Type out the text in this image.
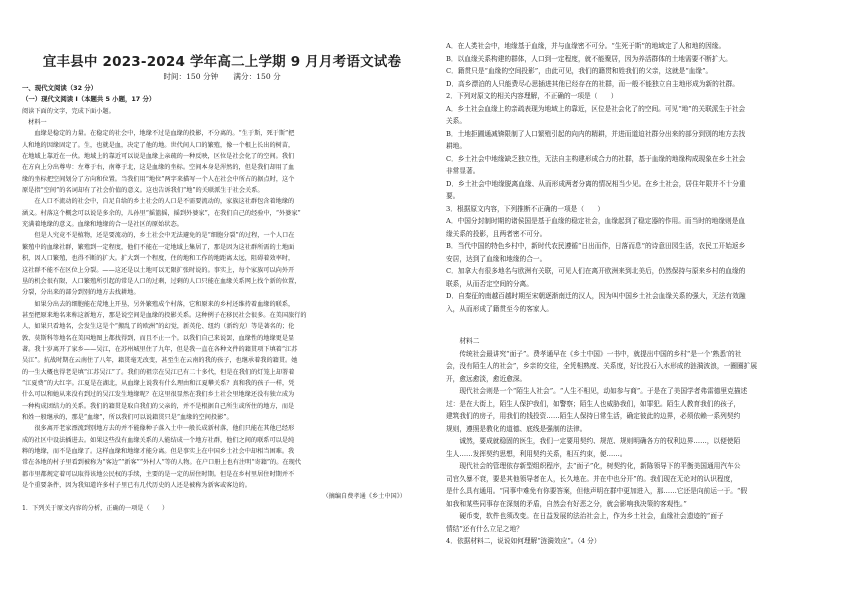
宜丰县中 2023-2024 学年高二上学期 9 月月考语文试卷
时间：150 分钟　　满分：150 分
一、现代文阅读（32 分）
（一）现代文阅读 I（本题共 5 小题，17 分）
阅读下面的文字，完成下面小题。
　材料一
　　血缘是稳定的力量。在稳定的社会中，地缘不过是血缘的投影，不分离的。“生于斯，死于斯”把
人和地的因缘固定了。生，也就是血，决定了他的地。世代间人口的繁殖，像一个根上长出的树苗，
在地域上靠近在一伙。地域上的靠近可以说是血缘上亲疏的一种反映，区位是社会化了的空间。我们
在方向上分出尊卑：左尊于右，南尊于北，这是血缘的坐标。空间本身是浑然的，但是我们却用了血
缘的坐标把空间划分了方向和位置。当我们用“地位”两字来描写一个人在社会中所占的据点时，这个
原是指“空间”的名词却有了社会价值的意义。这也告诉我们“地”的关联派生于社会关系。
　　在人口不流动的社会中，自足自给的乡土社会的人口是不需要流动的，家族这社群包含着地缘的
涵义。村落这个概念可以说是多余的，儿孙里“摇篮摇，摇到外婆家”，在我们自己的经验中，“外婆家”
充满着地缘的意义。血缘和地缘的合一是社区的原始状态。
　　但是人究竟不是植物，还是要流动的，乡土社会中无法避免的是“细胞分裂”的过程，一个人口在
繁殖中的血缘社群，繁殖到一定程度，他们不能在一定地域上集居了，那是因为这社群所需的土地面
积，因人口繁殖，也得不断的扩大。扩大到一个程度，住的地和工作的地距离太远，阻碍着效率时，
这社群不能不在区位上分裂。——这还是以土地可以无限扩张时说的。事实上，每个家族可以向外开
垦的机会很有限，人口繁殖所引起的常是人口的过剩，过剩的人口只能在血缘关系网上找个新的位置，
分裂，分出来的部分到别的地方去找耕地。
　　如果分出去的细胞能在荒地上开垦，另外繁殖成个村落，它和原来的乡村还维持着血缘的联系，
甚至把原来地名来称这新地方，那是说空间是血缘的投影关系。这种例子在移民社会很多。在美国旅行的
人，如果只看地名，会发生这是个“搬乱了的欧洲”的幻觉，新英伦、纽约（新约克）等是著名的；伦
敦、莫斯科等地名在美国地图上都找得到，而且不止一个。以我们自己来说罢，血缘性的地缘更是显
著。我十岁离开了家乡——吴江，在苏州城里住了九年，但是我一直在各种文件的籍贯项下填着“江苏
吴江”。抗战时期在云南住了八年，籍贯毫无改变，甚至生在云南的我的孩子，也继承着我的籍贯。她
的一生大概也得老是填“江苏吴江”了。我们的祖宗在吴江已有二十多代，但是在我们的灯笼上却署着
“江夏费”的大红字。江夏是在湖北，从血缘上说我有什么理由和江夏攀关系？真和我的孩子一样，凭
什么可以和她从来没有到过的吴江发生地缘呢？在这里很显然在我们乡土社会里地缘还没有独立成为
一种构成团结力的关系。我们的籍贯是取自我们的父亲的，并不是根据自己所生或所住的地方，而是
和姓一般继承的，那是“血缘”，所以我们可以说籍贯只是“血缘的空间投影”。
　　很多离开老家漂流到别地方去的并不能像种子落入土中一般长成新村落，他们只能在其他已经形
成的社区中设法插进去。如果这些没有血缘关系的人能结成一个地方社群，他们之间的联系可以是纯
粹的地缘，而不是血缘了。这样血缘和地缘才能分离。但是事实上在中国乡土社会中却相当困难。我
常在各地的村子里看到被称为“客边”“新客”“外村人”等的人物。在户口册上也有注明“寄籍”的。在现代
都市里都规定着可以取得该地公民权的手续，主要的是一定的居住时期。但是在乡村里居住时期并不
是个重要条件，因为我知道许多村子里已有几代历史的人还是被称为新客或客边的。
（摘编自费孝通《乡土中国》）
1．下列关于原文内容的分析，正确的一项是（　　）
A．在人类社会中，地缘基于血缘，并与血缘密不可分。“生死于斯”的地域定了人和地的因缘。
B．以血缘关系构建的群体，人口到一定程度，就不能聚居，因为养活群体的土地需要不断扩大。
C．籍贯只是“血缘的空间投影”，由此可见，我们的籍贯和姓我们的父亲，这就是“血缘”。
D．高乡漂泊的人只能费尽心思插进其他已经存在的社群，而一般不能独立自主地形成为新的社群。
2．下列对原文的相关内容理解，不正确的一项是（　　）
A．乡土社会血缘上的亲疏表现为地域上的靠近，区位是社会化了的空间。可见“地”的关联派生于社会
关系。
B．土地拒圃通减锛限制了人口繁殖引起的向内的精耕，并进而道迫社群分出来的部分到别的地方去找
耕地。
C．乡土社会中地缘缺乏独立性，无法自主构建形成合力的社群，基于血缘的地缘构成现象在乡土社会
非常显著。
D．乡土社会中地缘脱离血缘、从而形成两者分离的情况相当少见。在乡土社会，居住年限并不十分重
要。
3．根据原文内容，下列推断不正确的一项是（　　）
A．中国分封制时期的诸侯国是基于血缘的稳定社会，血缘起到了稳定器的作用。而当时的地缘则是血
缘关系的投影，且两者密不可分。
B．当代中国的特色乡村中，新时代农民遵循“日出而作，日落而息”的诗意田园生活，农民工开始返乡
安居，达到了血缘和地缘的合一。
C．加拿大有很多地名与欧洲有关联，可见人们在离开欧洲来到北美后，仍然保持与原来乡村的血缘的
联系，从而否定空间的分离。
D．自秦征的南越百越时期至宋朝逐渐南迁的汉人，因为叫中国乡土社会血缘关系的强大，无法有效融
入，从而形成了籍贯至今的客家人。
　　材料二
　　传统社会最讲究“面子”。费孝通早在《乡土中国》一书中，就提出中国的乡村“是一个‘熟悉’的社
会，没有陌生人的社会”，乡亲的交往，全凭相熟度、关系度，好比投石入水形成的涟漪波浪，一圈圈扩展
开，愈远愈淡，愈近愈深。
　　现代社会则是一个“陌生人社会”。“人生不相见，动如参与商”。于是在了美国学者弗雷德里克描述
过：是在大街上，陌生人保护我们，如警察；陌生人也威胁我们，如罪犯。陌生人教育我们的孩子，
建筑我们的房子，用我们的钱投资……陌生人保持日常生活，确定彼此的边界，必须依赖一系列契约
规则，遵照是教化的道德、底线是强制的法律。
　　诚然，要成就稳固的医生，我们一定要用契约、规范、规则明确各方的权利边界……，以便使陌
生人……发挥契约思想，利用契约关系，相互约束，便……。
　　现代社会的管理依存新型组织程序，去“面子”化，树契约化，新陈领导下的平衡美国通用汽车公
司官久暴不衰，要是其他领导者在人，长久地在。并在中也分开”的。我们现在无论对的认识程度，
是什么具有通用。“同事中难免有你要答案，但他声明在群中更加进入，那……它还是向前运一于。“假
如我和某些同事存在深刻的矛盾，自然会有好恶之分，就会影响我决策的客观性。”
　　硬币变，软件也须改变。在日益发展的法治社会上，作为乡土社会，血缘社会遗迹的“面子
情结”还有什么立足之地？
4．依据材料二，说说如何理解“涟漪效应”。（4 分）
